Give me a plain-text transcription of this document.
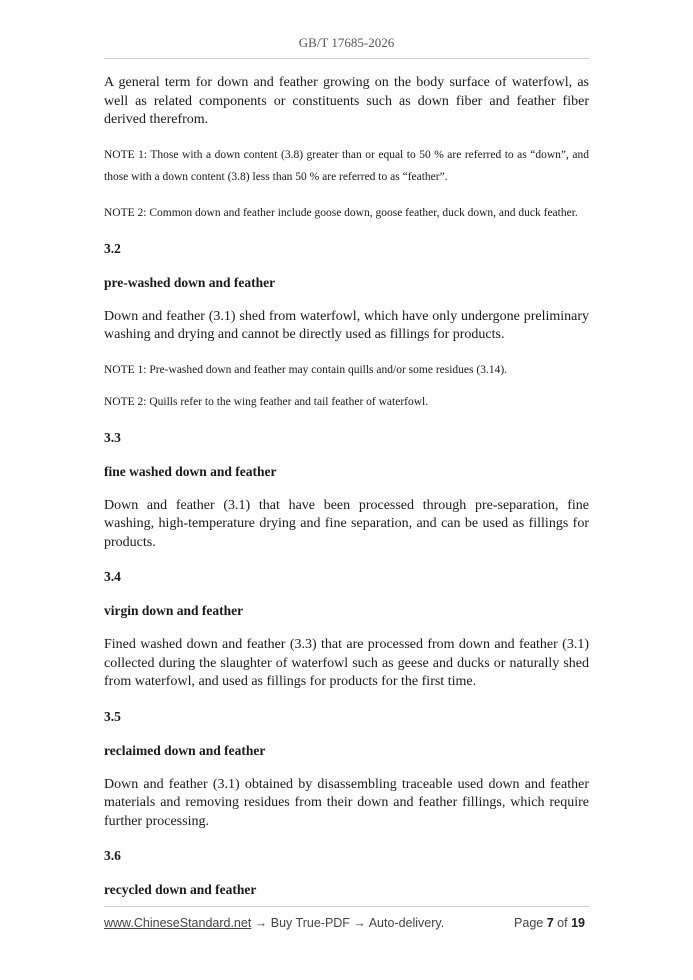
GB/T 17685-2026

A general term for down and feather growing on the body surface of waterfowl, as well as related components or constituents such as down fiber and feather fiber derived therefrom.

NOTE 1: Those with a down content (3.8) greater than or equal to 50 % are referred to as “down”, and those with a down content (3.8) less than 50 % are referred to as “feather”.

NOTE 2: Common down and feather include goose down, goose feather, duck down, and duck feather.

3.2

pre-washed down and feather

Down and feather (3.1) shed from waterfowl, which have only undergone preliminary washing and drying and cannot be directly used as fillings for products.

NOTE 1: Pre-washed down and feather may contain quills and/or some residues (3.14).

NOTE 2: Quills refer to the wing feather and tail feather of waterfowl.

3.3

fine washed down and feather

Down and feather (3.1) that have been processed through pre-separation, fine washing, high-temperature drying and fine separation, and can be used as fillings for products.

3.4

virgin down and feather

Fined washed down and feather (3.3) that are processed from down and feather (3.1) collected during the slaughter of waterfowl such as geese and ducks or naturally shed from waterfowl, and used as fillings for products for the first time.

3.5

reclaimed down and feather

Down and feather (3.1) obtained by disassembling traceable used down and feather materials and removing residues from their down and feather fillings, which require further processing.

3.6

recycled down and feather

www.ChineseStandard.net → Buy True-PDF → Auto-delivery.	Page 7 of 19
